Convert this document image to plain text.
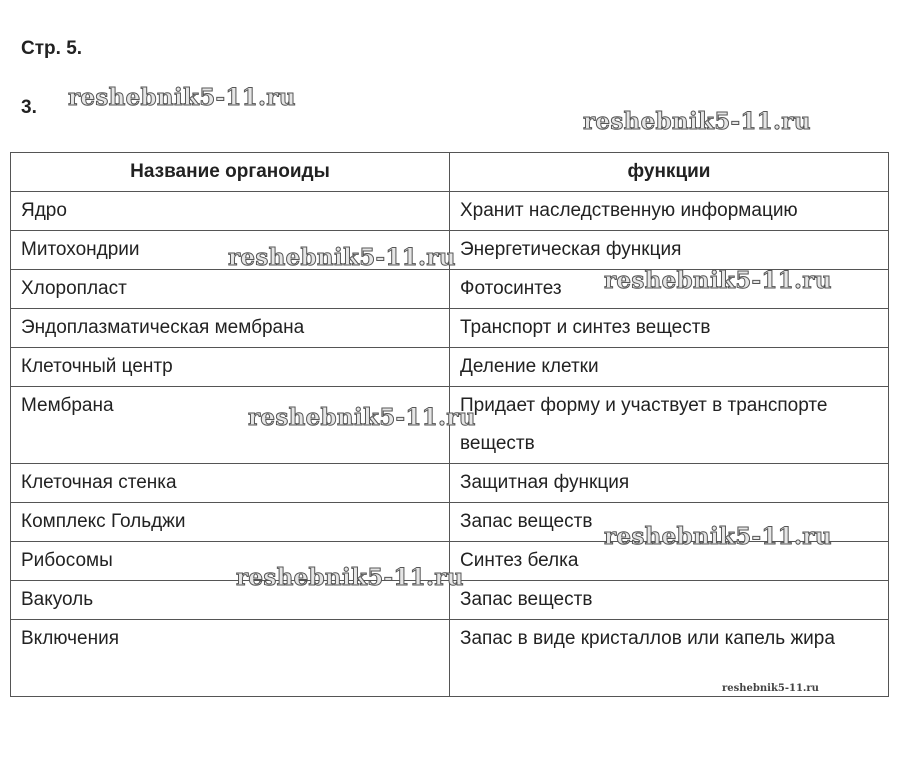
Стр. 5.
3.
Название органоиды	функции
Ядро	Хранит наследственную информацию
Митохондрии	Энергетическая функция
Хлоропласт	Фотосинтез
Эндоплазматическая мембрана	Транспорт и синтез веществ
Клеточный центр	Деление клетки
Мембрана	Придает форму и участвует в транспорте веществ
Клеточная стенка	Защитная функция
Комплекс Гольджи	Запас веществ
Рибосомы	Синтез белка
Вакуоль	Запас веществ
Включения	Запас в виде кристаллов или капель жира
reshebnik5-11.ru
reshebnik5-11.ru
reshebnik5-11.ru
reshebnik5-11.ru
reshebnik5-11.ru
reshebnik5-11.ru
reshebnik5-11.ru
reshebnik5-11.ru
